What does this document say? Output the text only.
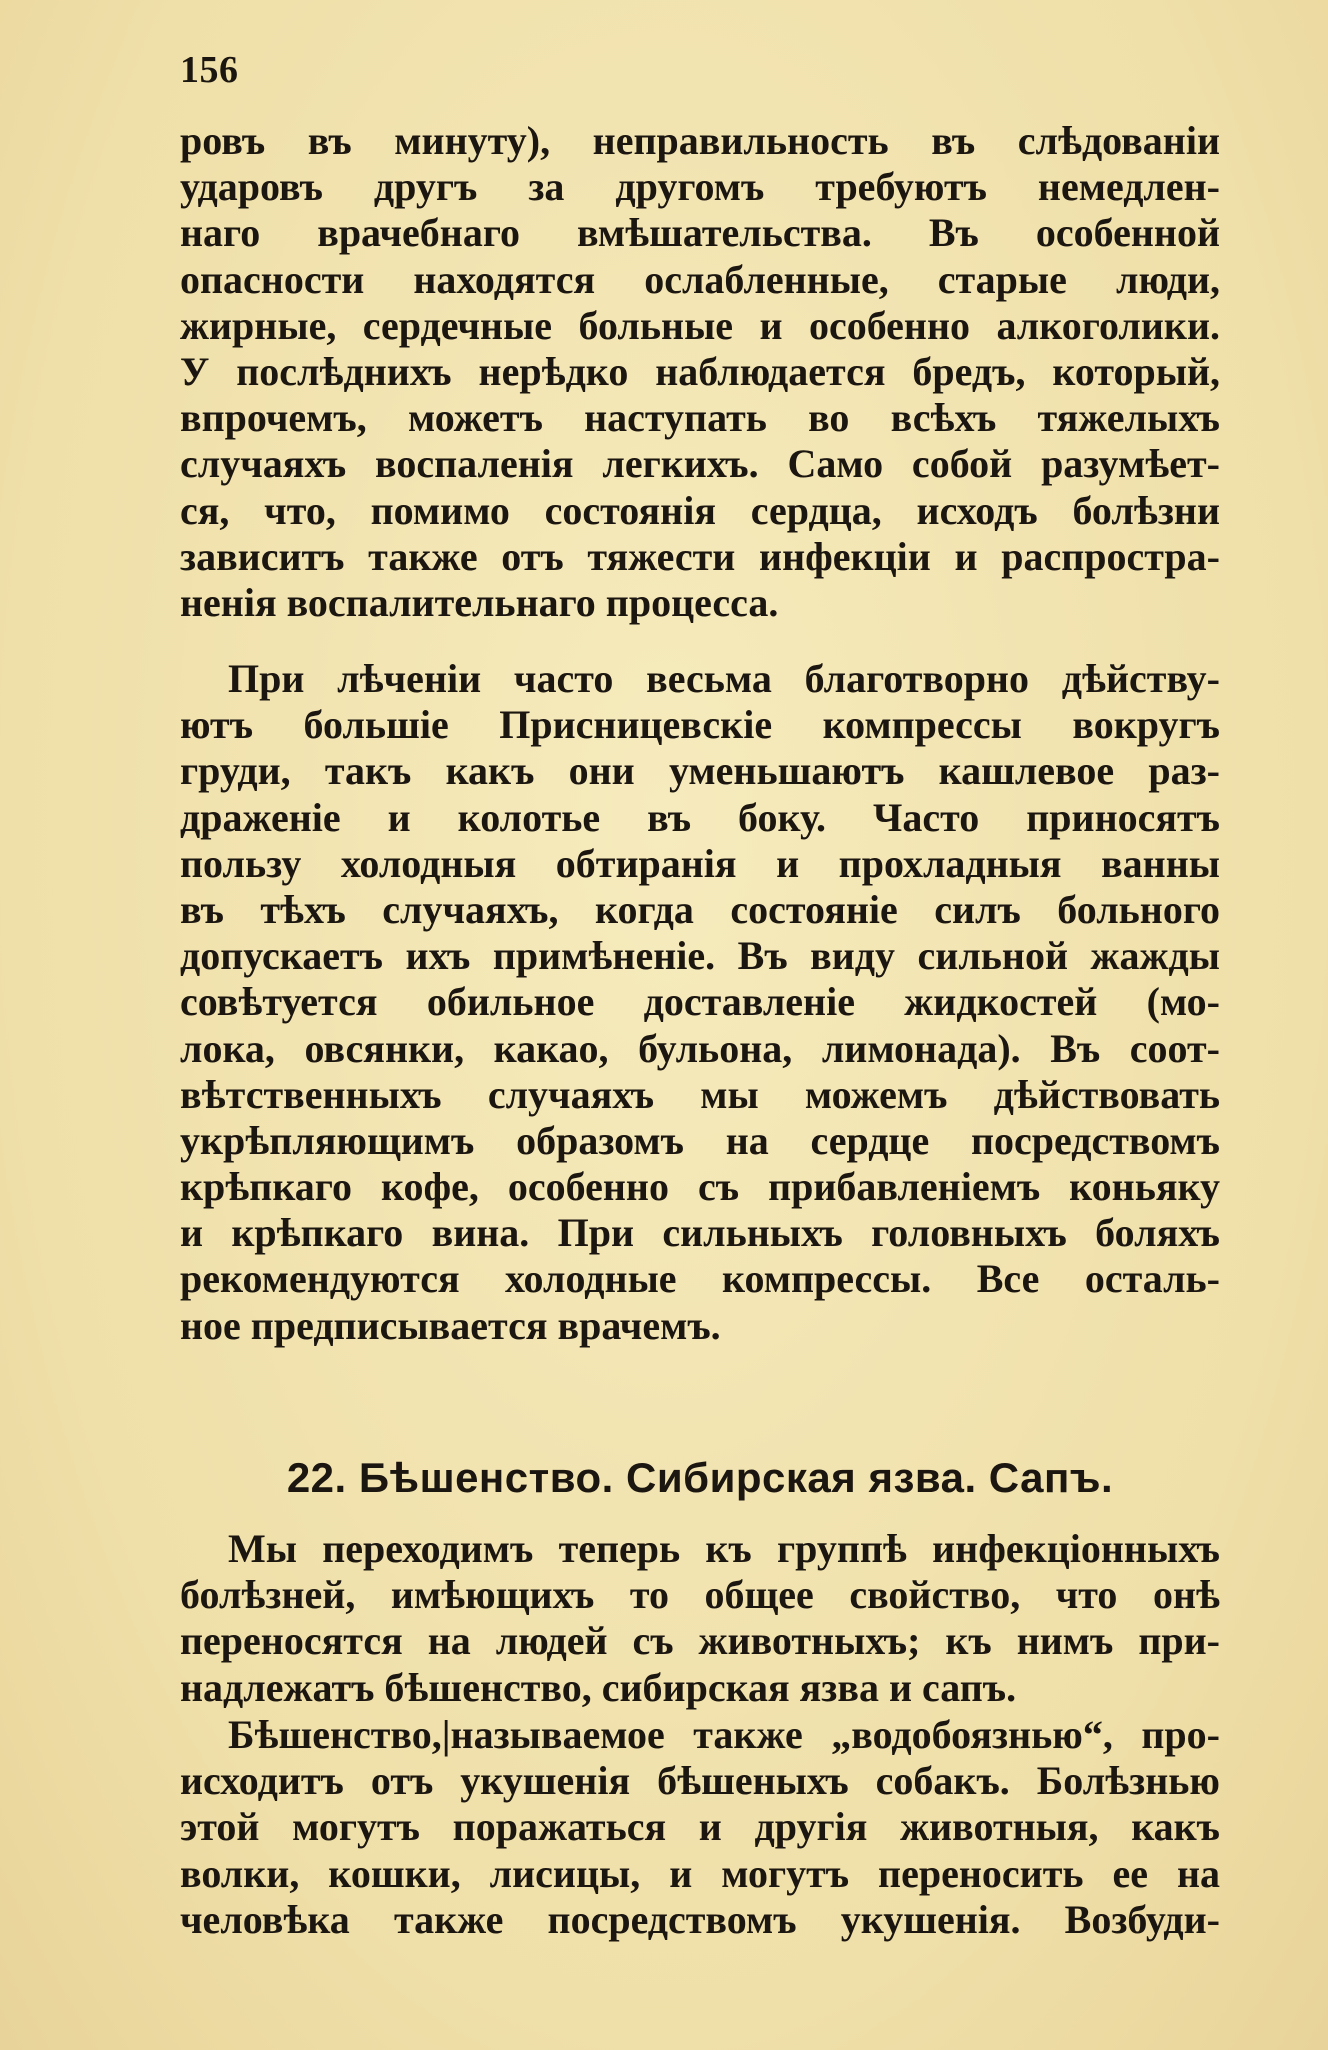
156
ровъ въ минуту), неправильность въ слѣдованіи
ударовъ другъ за другомъ требуютъ немедлен-
наго врачебнаго вмѣшательства. Въ особенной
опасности находятся ослабленные, старые люди,
жирные, сердечные больные и особенно алкоголики.
У послѣднихъ нерѣдко наблюдается бредъ, который,
впрочемъ, можетъ наступать во всѣхъ тяжелыхъ
случаяхъ воспаленія легкихъ. Само собой разумѣет-
ся, что, помимо состоянія сердца, исходъ болѣзни
зависитъ также отъ тяжести инфекціи и распростра-
ненія воспалительнаго процесса.
При лѣченіи часто весьма благотворно дѣйству-
ютъ большіе Присницевскіе компрессы вокругъ
груди, такъ какъ они уменьшаютъ кашлевое раз-
драженіе и колотье въ боку. Часто приносятъ
пользу холодныя обтиранія и прохладныя ванны
въ тѣхъ случаяхъ, когда состояніе силъ больного
допускаетъ ихъ примѣненіе. Въ виду сильной жажды
совѣтуется обильное доставленіе жидкостей (мо-
лока, овсянки, какао, бульона, лимонада). Въ соот-
вѣтственныхъ случаяхъ мы можемъ дѣйствовать
укрѣпляющимъ образомъ на сердце посредствомъ
крѣпкаго кофе, особенно съ прибавленіемъ коньяку
и крѣпкаго вина. При сильныхъ головныхъ боляхъ
рекомендуются холодные компрессы. Все осталь-
ное предписывается врачемъ.
22. Бѣшенство. Сибирская язва. Сапъ.
Мы переходимъ теперь къ группѣ инфекціонныхъ
болѣзней, имѣющихъ то общее свойство, что онѣ
переносятся на людей съ животныхъ; къ нимъ при-
надлежатъ бѣшенство, сибирская язва и сапъ.
Бѣшенство,|называемое также „водобоязнью“, про-
исходитъ отъ укушенія бѣшеныхъ собакъ. Болѣзнью
этой могутъ поражаться и другія животныя, какъ
волки, кошки, лисицы, и могутъ переносить ее на
человѣка также посредствомъ укушенія. Возбуди-
